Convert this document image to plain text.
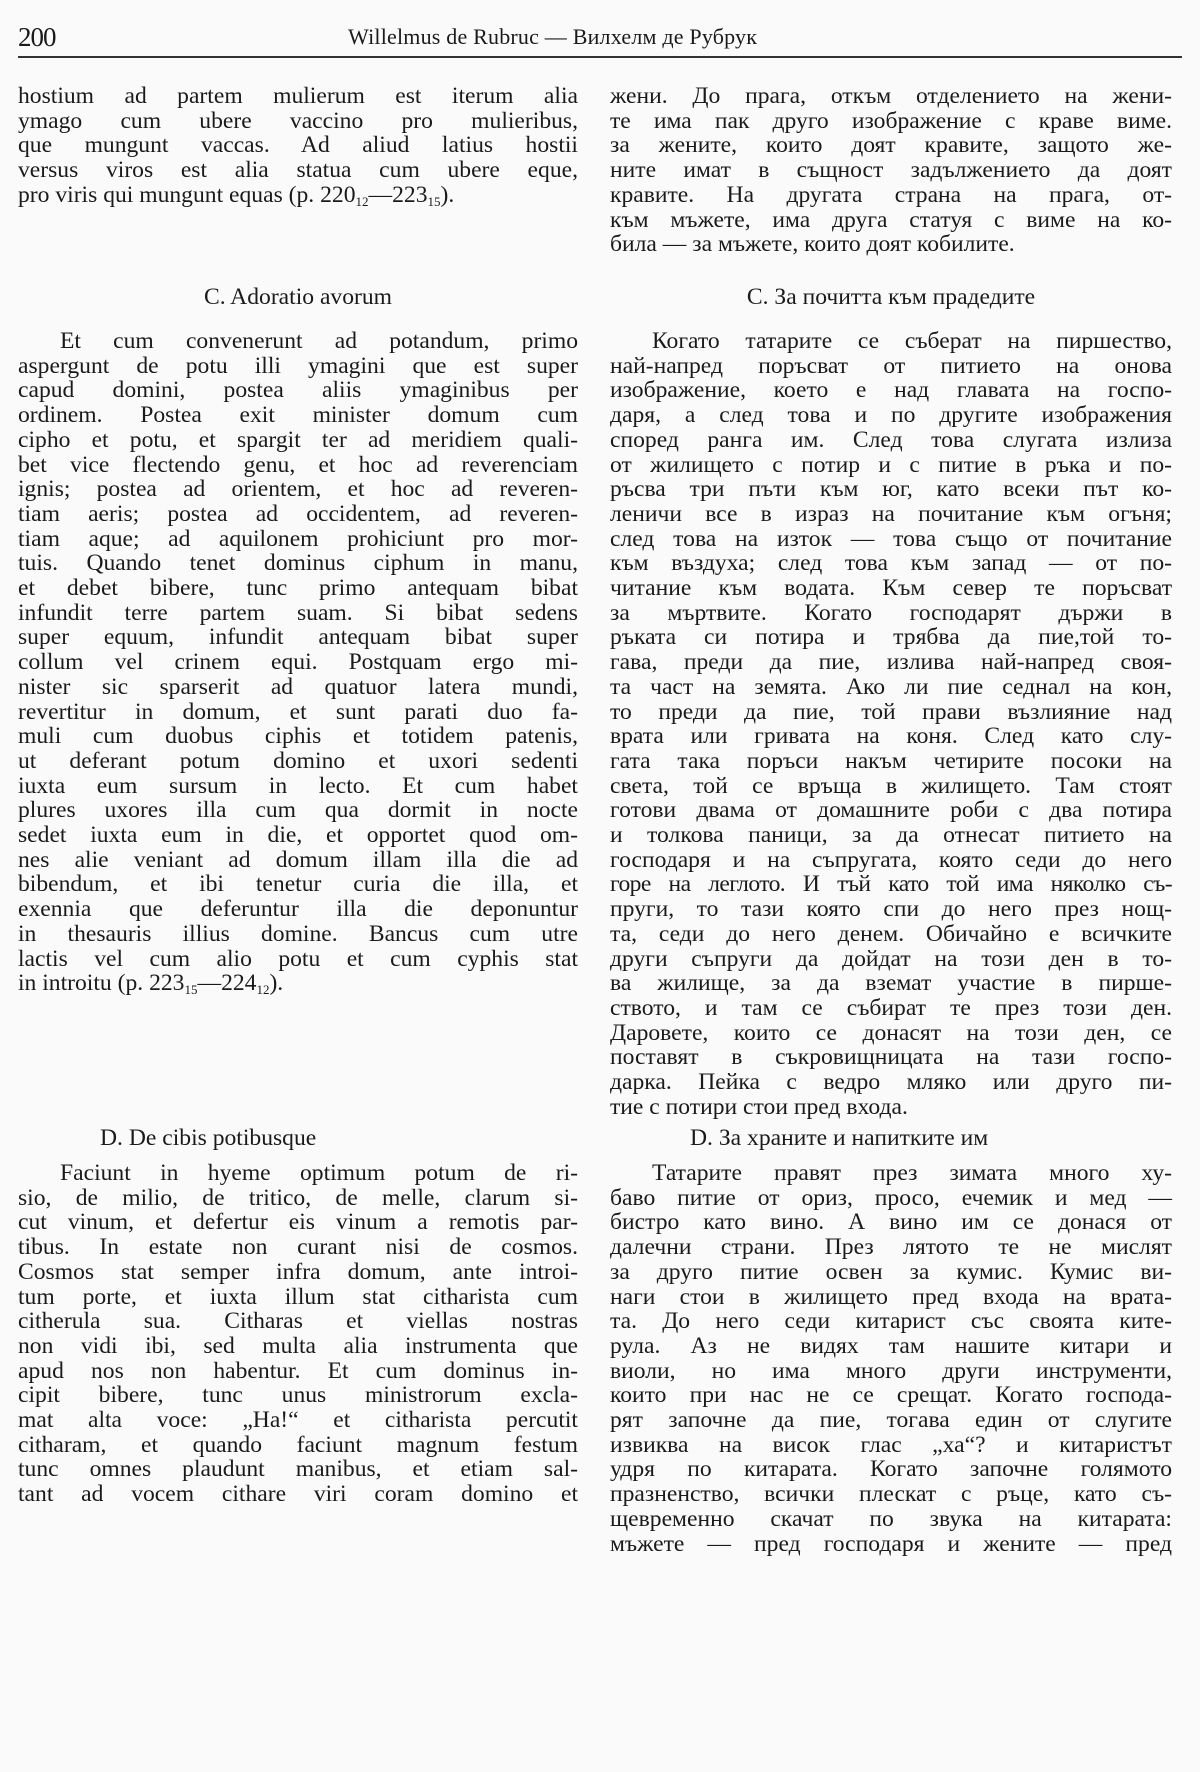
200	Willelmus de Rubruc — Вилхелм де Рубрук
hostium ad partem mulierum est iterum alia
ymago cum ubere vaccino pro mulieribus,
que mungunt vaccas. Ad aliud latius hostii
versus viros est alia statua cum ubere eque,
pro viris qui mungunt equas (p. $220_{12}—223_{15}$).
C. Adoratio avorum
Et cum convenerunt ad potandum, primo
aspergunt de potu illi ymagini que est super
capud domini, postea aliis ymaginibus per
ordinem. Postea exit minister domum cum
cipho et potu, et spargit ter ad meridiem quali-
bet vice flectendo genu, et hoc ad reverenciam
ignis; postea ad orientem, et hoc ad reveren-
tiam aeris; postea ad occidentem, ad reveren-
tiam aque; ad aquilonem prohiciunt pro mor-
tuis. Quando tenet dominus ciphum in manu,
et debet bibere, tunc primo antequam bibat
infundit terre partem suam. Si bibat sedens
super equum, infundit antequam bibat super
collum vel crinem equi. Postquam ergo mi-
nister sic sparserit ad quatuor latera mundi,
revertitur in domum, et sunt parati duo fa-
muli cum duobus ciphis et totidem patenis,
ut deferant potum domino et uxori sedenti
iuxta eum sursum in lecto. Et cum habet
plures uxores illa cum qua dormit in nocte
sedet iuxta eum in die, et opportet quod om-
nes alie veniant ad domum illam illa die ad
bibendum, et ibi tenetur curia die illa, et
exennia que deferuntur illa die deponuntur
in thesauris illius domine. Bancus cum utre
lactis vel cum alio potu et cum cyphis stat
in introitu (p. $223_{15}—224_{12}$).
D. De cibis potibusque
Faciunt in hyeme optimum potum de ri-
sio, de milio, de tritico, de melle, clarum si-
cut vinum, et defertur eis vinum a remotis par-
tibus. In estate non curant nisi de cosmos.
Cosmos stat semper infra domum, ante introi-
tum porte, et iuxta illum stat citharista cum
citherula sua. Citharas et viellas nostras
non vidi ibi, sed multa alia instrumenta que
apud nos non habentur. Et cum dominus in-
cipit bibere, tunc unus ministrorum excla-
mat alta voce: „Ha!“ et citharista percutit
citharam, et quando faciunt magnum festum
tunc omnes plaudunt manibus, et etiam sal-
tant ad vocem cithare viri coram domino et
жени. До прага, откъм отделението на жени-
те има пак друго изображение с краве виме.
за жените, които доят кравите, защото же-
ните имат в същност задължението да доят
кравите. На другата страна на прага, от-
към мъжете, има друга статуя с виме на ко-
била — за мъжете, които доят кобилите.
C. За почитта към прадедите
Когато татарите се съберат на пиршество,
най-напред поръсват от питието на онова
изображение, което е над главата на госпо-
даря, а след това и по другите изображения
според ранга им. След това слугата излиза
от жилището с потир и с питие в ръка и по-
ръсва три пъти към юг, като всеки път ко-
леничи все в израз на почитание към огъня;
след това на изток — това също от почитание
към въздуха; след това към запад — от по-
читание към водата. Към север те поръсват
за мъртвите. Когато господарят държи в
ръката си потира и трябва да пие,той то-
гава, преди да пие, излива най-напред своя-
та част на земята. Ако ли пие седнал на кон,
то преди да пие, той прави възлияние над
врата или гривата на коня. След като слу-
гата така поръси накъм четирите посоки на
света, той се връща в жилището. Там стоят
готови двама от домашните роби с два потира
и толкова паници, за да отнесат питието на
господаря и на съпругата, която седи до него
горе на леглото. И тъй като той има няколко съ-
пруги, то тази която спи до него през нощ-
та, седи до него денем. Обичайно е всичките
други съпруги да дойдат на този ден в то-
ва жилище, за да вземат участие в пирше-
ството, и там се събират те през този ден.
Даровете, които се донасят на този ден, се
поставят в съкровищницата на тази госпо-
дарка. Пейка с ведро мляко или друго пи-
тие с потири стои пред входа.
D. За храните и напитките им
Татарите правят през зимата много ху-
баво питие от ориз, просо, ечемик и мед —
бистро като вино. А вино им се донася от
далечни страни. През лятото те не мислят
за друго питие освен за кумис. Кумис ви-
наги стои в жилището пред входа на врата-
та. До него седи китарист със своята ките-
рула. Аз не видях там нашите китари и
виоли, но има много други инструменти,
които при нас не се срещат. Когато господа-
рят започне да пие, тогава един от слугите
извиква на висок глас „ха“? и китаристът
удря по китарата. Когато започне голямото
празненство, всички плескат с ръце, като съ-
щевременно скачат по звука на китарата:
мъжете — пред господаря и жените — пред
